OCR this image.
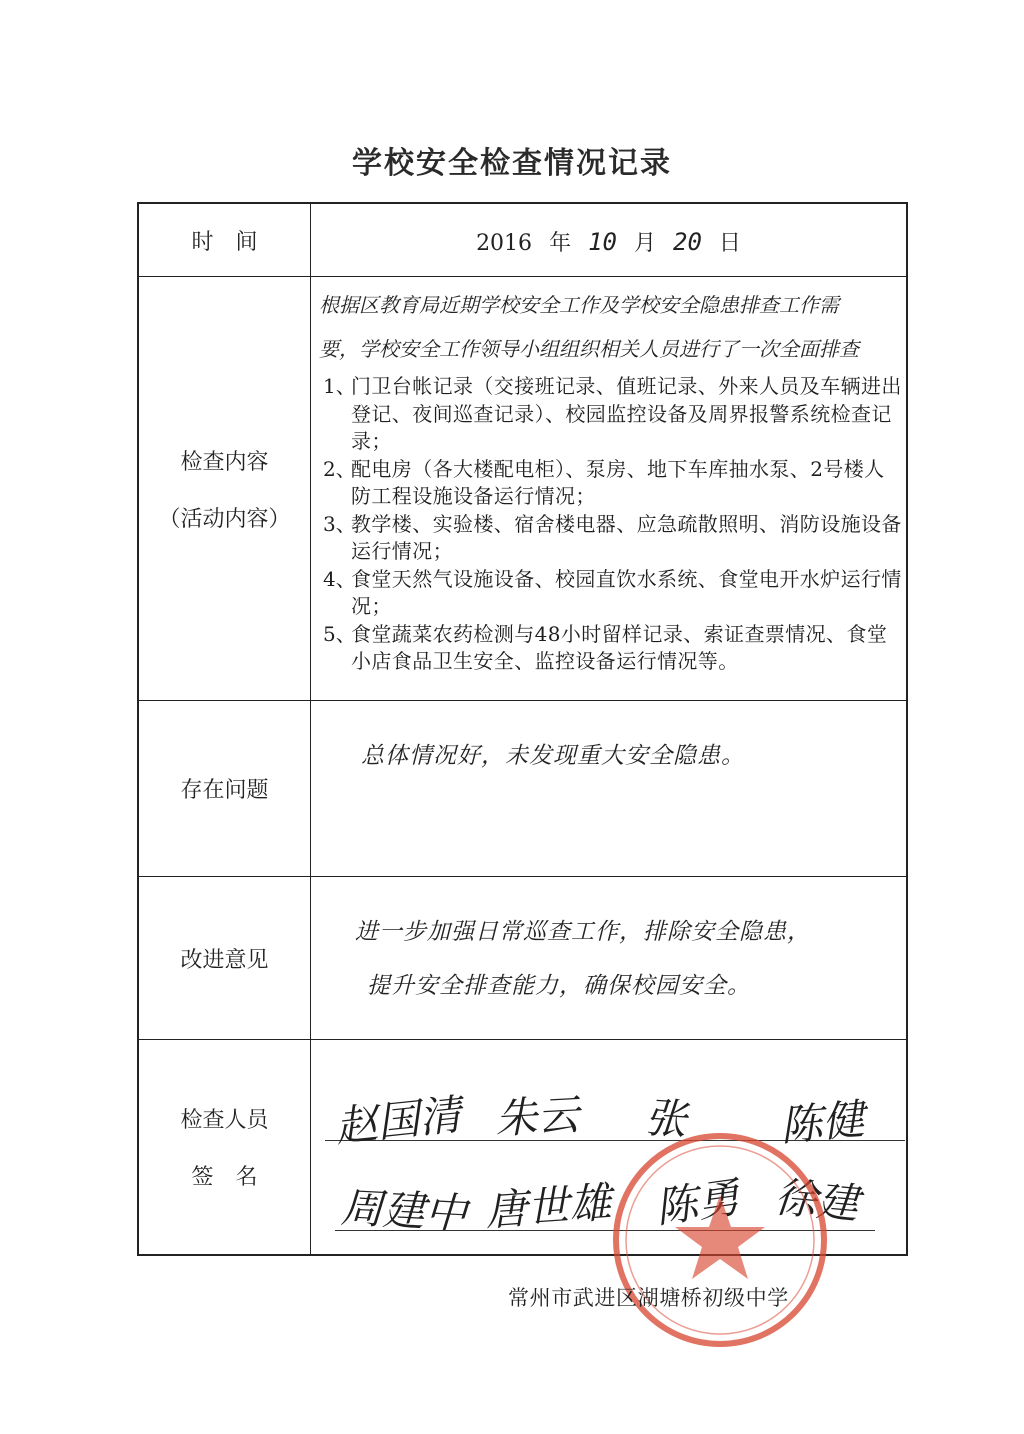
学校安全检查情况记录
时　间	2016 年 10 月 20 日
检查内容
（活动内容）
根据区教育局近期学校安全工作及学校安全隐患排查工作需
要，学校安全工作领导小组组织相关人员进行了一次全面排查
1、
门卫台帐记录（交接班记录、值班记录、外来人员及车辆进出登记、夜间巡查记录）、校园监控设备及周界报警系统检查记录；
2、
配电房（各大楼配电柜）、泵房、地下车库抽水泵、2号楼人防工程设施设备运行情况；
3、
教学楼、实验楼、宿舍楼电器、应急疏散照明、消防设施设备运行情况；
4、
食堂天然气设施设备、校园直饮水系统、食堂电开水炉运行情况；
5、
食堂蔬菜农药检测与48小时留样记录、索证查票情况、食堂小店食品卫生安全、监控设备运行情况等。
存在问题
总体情况好，未发现重大安全隐患。
改进意见
进一步加强日常巡查工作，排除安全隐患，
提升安全排查能力，确保校园安全。
检查人员
签　名
赵国清 朱云 张 陈健
周建中 唐世雄 陈勇 徐建
常州市武进区湖塘桥初级中学
